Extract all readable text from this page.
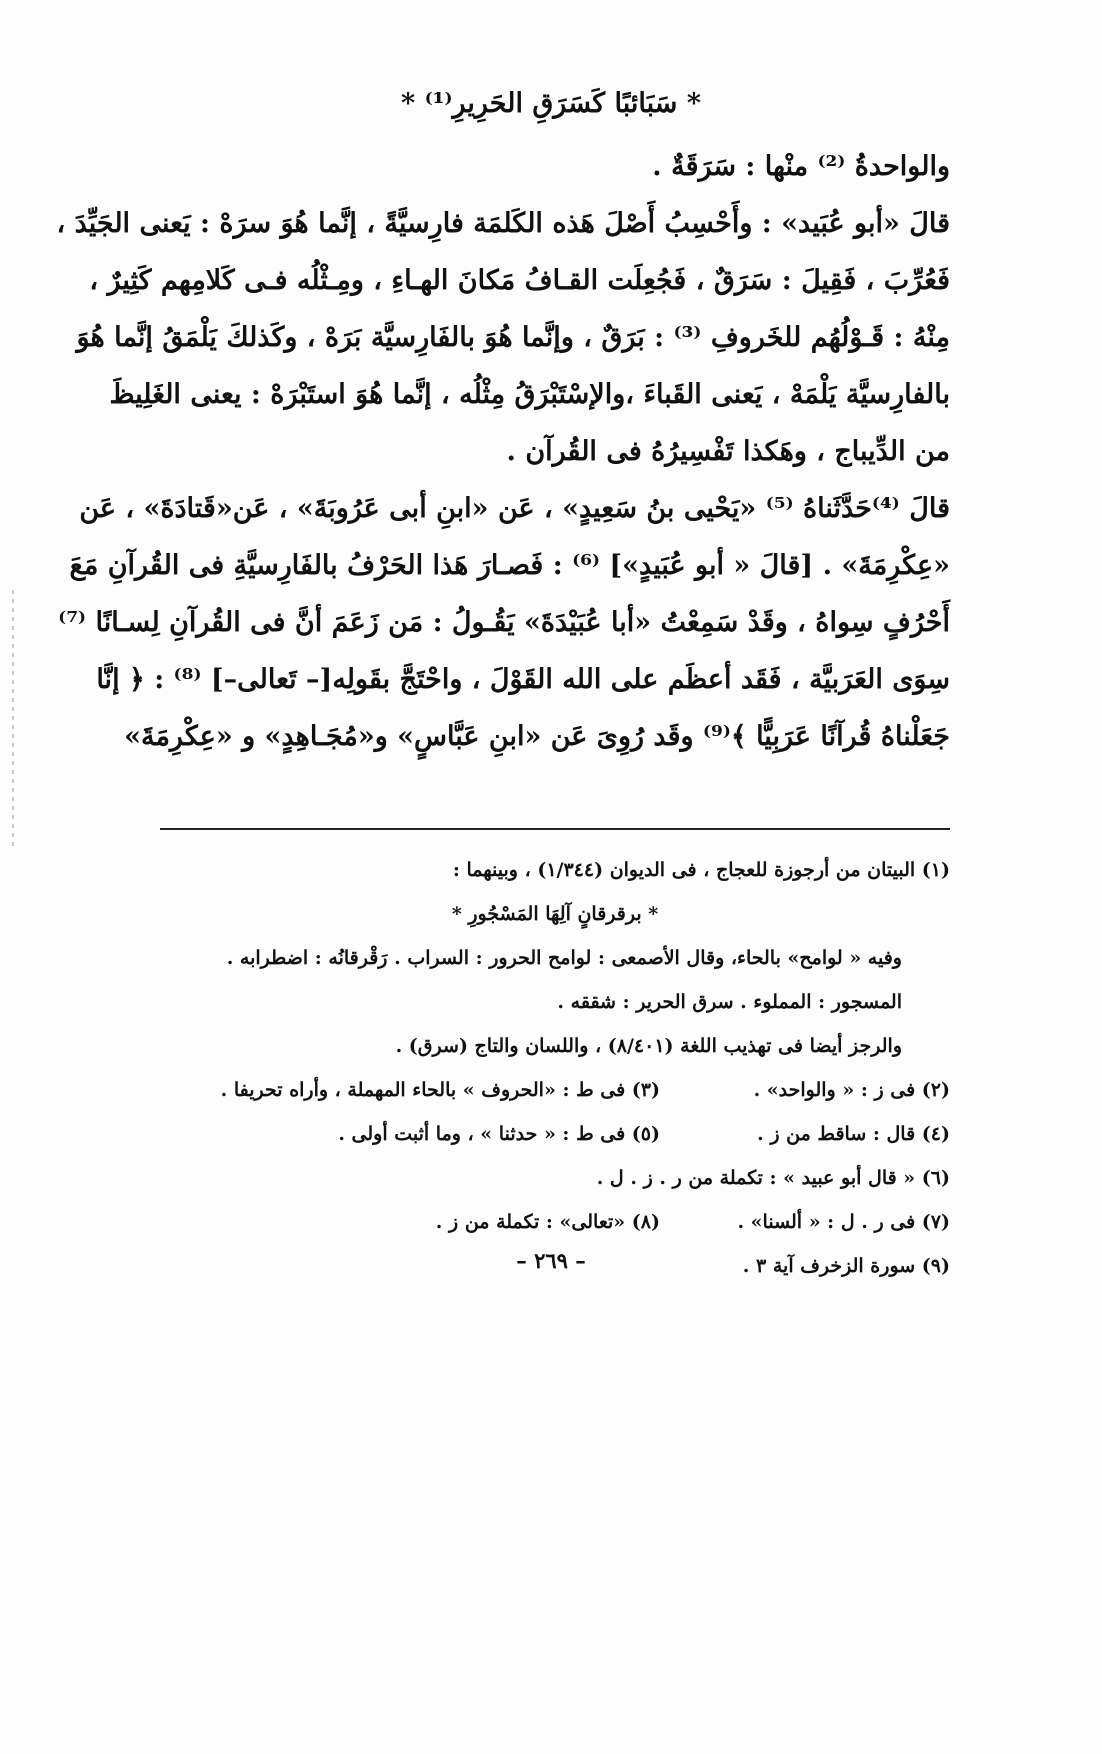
* سَبَائبًا كَسَرَقِ الحَرِيرِ⁽¹⁾ *
والواحدةُ ⁽²⁾ منْها : سَرَقَةٌ .
قالَ «أبو عُبَيد» : وأَحْسِبُ أَصْلَ هَذه الكَلمَة فارِسيَّةً ، إنَّما هُوَ سرَهْ : يَعنى الجَيِّدَ ،
فَعُرِّبَ ، فَقِيلَ : سَرَقٌ ، فَجُعِلَت القـافُ مَكانَ الهـاءِ ، ومِـثْلُه فـى كَلامِهم كَثِيرٌ ،
مِنْهُ : قَـوْلُهُم للخَروفِ ⁽³⁾ : بَرَقٌ ، وإنَّما هُوَ بالفَارِسيَّة بَرَهْ ، وكَذلكَ يَلْمَقُ إنَّما هُوَ
بالفارِسيَّة يَلْمَهْ ، يَعنى القَباءَ ،والإسْتَبْرَقُ مِثْلُه ، إنَّما هُوَ استَبْرَهْ : يعنى الغَلِيظَ
من الدِّيباج ، وهَكذا تَفْسِيرُهُ فى القُرآن .
قالَ ⁽⁴⁾حَدَّثَناهُ ⁽⁵⁾ «يَحْيى بنُ سَعِيدٍ» ، عَن «ابنِ أبى عَرُوبَةَ» ، عَن«قَتادَةَ» ، عَن
«عِكْرِمَةَ» . [قالَ « أبو عُبَيدٍ»] ⁽⁶⁾ : فَصـارَ هَذا الحَرْفُ بالفَارِسيَّةِ فى القُرآنِ مَعَ
أَحْرُفٍ سِواهُ ، وقَدْ سَمِعْتُ «أبا عُبَيْدَةَ» يَقُـولُ : مَن زَعَمَ أنَّ فى القُرآنِ لِسـانًا ⁽⁷⁾
سِوَى العَرَبيَّة ، فَقَد أعظَم على الله القَوْلَ ، واحْتَجَّ بقَولِه[– تَعالى–] ⁽⁸⁾ : ﴿ إنَّا
جَعَلْناهُ قُرآنًا عَرَبِيًّا ﴾⁽⁹⁾ وقَد رُوِىَ عَن «ابنِ عَبَّاسٍ» و«مُجَـاهِدٍ» و «عِكْرِمَةَ»
(١) البيتان من أرجوزة للعجاج ، فى الديوان (١/٣٤٤) ، وبينهما :
* برقرقانٍ آلِهَا المَسْجُورِ *
وفيه « لوامح» بالحاء، وقال الأصمعى : لوامح الحرور : السراب . رَقْرقانُه : اضطرابه .
المسجور : المملوء . سرق الحرير : شققه .
والرجز أيضا فى تهذيب اللغة (٨/٤٠١) ، واللسان والتاج (سرق) .
(٢) فى ز : « والواحد» .
(٣) فى ط : «الحروف » بالحاء المهملة ، وأراه تحريفا .
(٤) قال : ساقط من ز .
(٥) فى ط : « حدثنا » ، وما أثبت أولى .
(٦) « قال أبو عبيد » : تكملة من ر . ز . ل .
(٧) فى ر . ل : « ألسنا» .
(٨) «تعالى» : تكملة من ز .
(٩) سورة الزخرف آية ٣ .
– ٢٦٩ –
